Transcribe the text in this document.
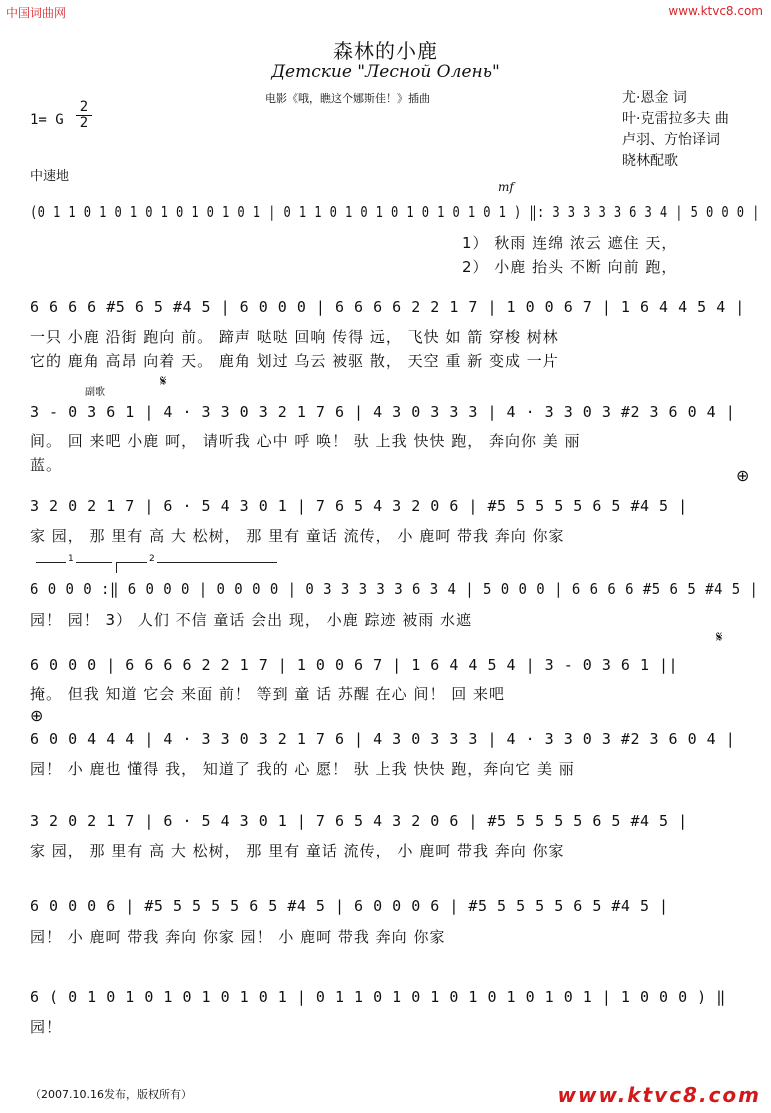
中国词曲网	www.ktvc8.com
森林的小鹿
Детские "Лесной Олень"
电影《哦，瞧这个娜斯佳！》插曲
1= G
2
2
尤·恩金 词
叶·克雷拉多夫 曲
卢羽、方怡译词
晓林配歌
中速地
mf
(0 1 1 0 1 0 1 0 1 0 1 0 1 0 1 | 0 1 1 0 1 0 1 0 1 0 1 0 1 0 1 ) ‖: 3 3 3 3 3 6 3 4 | 5 0 0 0 |
1） 秋雨 连绵 浓云 遮住 天，
2） 小鹿 抬头 不断 向前 跑，
6 6 6 6 #5 6 5 #4 5 | 6 0 0 0 | 6 6 6 6 2 2 1 7 | 1 0 0 6 7 | 1 6 4 4 5 4 |
一只 小鹿 沿街 跑向 前。 蹄声 哒哒 回响 传得 远， 飞快 如 箭 穿梭 树林
它的 鹿角 高昂 向着 天。 鹿角 划过 乌云 被驱 散， 天空 重 新 变成 一片
副歌
𝄋
3 - 0 3 6 1 | 4 · 3 3 0 3 2 1 7 6 | 4 3 0 3 3 3 | 4 · 3 3 0 3 #2 3 6 0 4 |
间。 回 来吧 小鹿 呵， 请听我 心中 呼 唤！ 驮 上我 快快 跑， 奔向你 美 丽
蓝。
⊕
3 2 0 2 1 7 | 6 · 5 4 3 0 1 | 7 6 5 4 3 2 0 6 | #5 5 5 5 5 6 5 #4 5 |
家 园， 那 里有 高 大 松树， 那 里有 童话 流传， 小 鹿呵 带我 奔向 你家
1	2
6 0 0 0 :‖ 6 0 0 0 | 0 0 0 0 | 0 3 3 3 3 3 6 3 4 | 5 0 0 0 | 6 6 6 6 #5 6 5 #4 5 |
园！ 园！ 3） 人们 不信 童话 会出 现， 小鹿 踪迹 被雨 水遮
𝄋
6 0 0 0 | 6 6 6 6 2 2 1 7 | 1 0 0 6 7 | 1 6 4 4 5 4 | 3 - 0 3 6 1 ||
掩。 但我 知道 它会 来面 前！ 等到 童 话 苏醒 在心 间！ 回 来吧
⊕
6 0 0 4 4 4 | 4 · 3 3 0 3 2 1 7 6 | 4 3 0 3 3 3 | 4 · 3 3 0 3 #2 3 6 0 4 |
园！ 小 鹿也 懂得 我， 知道了 我的 心 愿！ 驮 上我 快快 跑，奔向它 美 丽
3 2 0 2 1 7 | 6 · 5 4 3 0 1 | 7 6 5 4 3 2 0 6 | #5 5 5 5 5 6 5 #4 5 |
家 园， 那 里有 高 大 松树， 那 里有 童话 流传， 小 鹿呵 带我 奔向 你家
6 0 0 0 6 | #5 5 5 5 5 6 5 #4 5 | 6 0 0 0 6 | #5 5 5 5 5 6 5 #4 5 |
园！ 小 鹿呵 带我 奔向 你家 园！ 小 鹿呵 带我 奔向 你家
6 ( 0 1 0 1 0 1 0 1 0 1 0 1 | 0 1 1 0 1 0 1 0 1 0 1 0 1 0 1 | 1 0 0 0 ) ‖
园！
（2007.10.16发布，版权所有）	www.ktvc8.com
